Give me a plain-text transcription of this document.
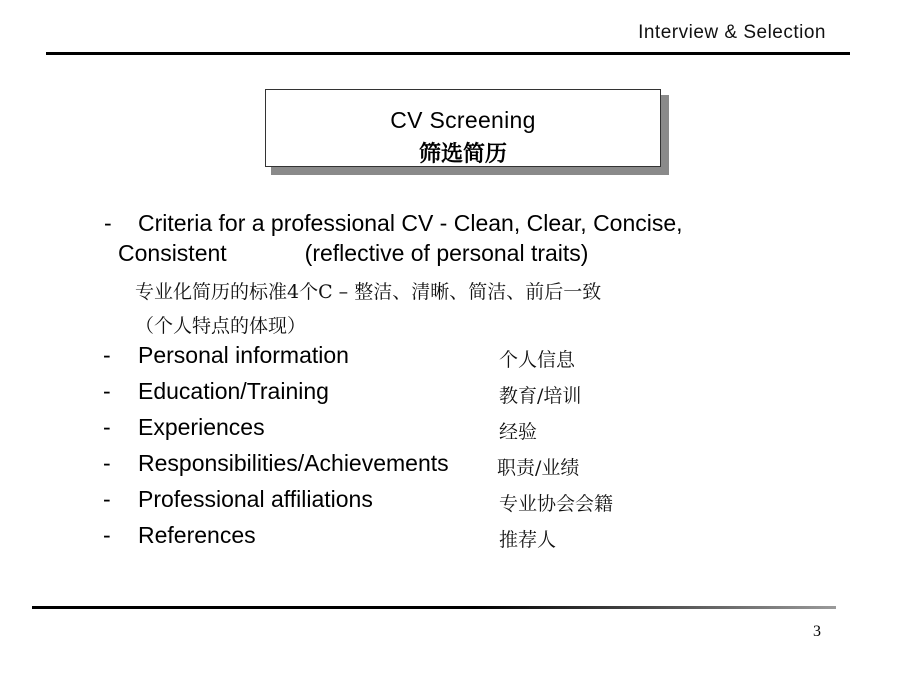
Interview & Selection
CV Screening
筛选简历
- Criteria for a professional CV - Clean, Clear, Concise,
Consistent	(reflective of personal traits)
专业化简历的标准4个C – 整洁、清晰、简洁、前后一致
（个人特点的体现）
- Personal information	个人信息
- Education/Training	教育/培训
- Experiences	经验
- Responsibilities/Achievements	职责/业绩
- Professional affiliations	专业协会会籍
- References	推荐人
3
